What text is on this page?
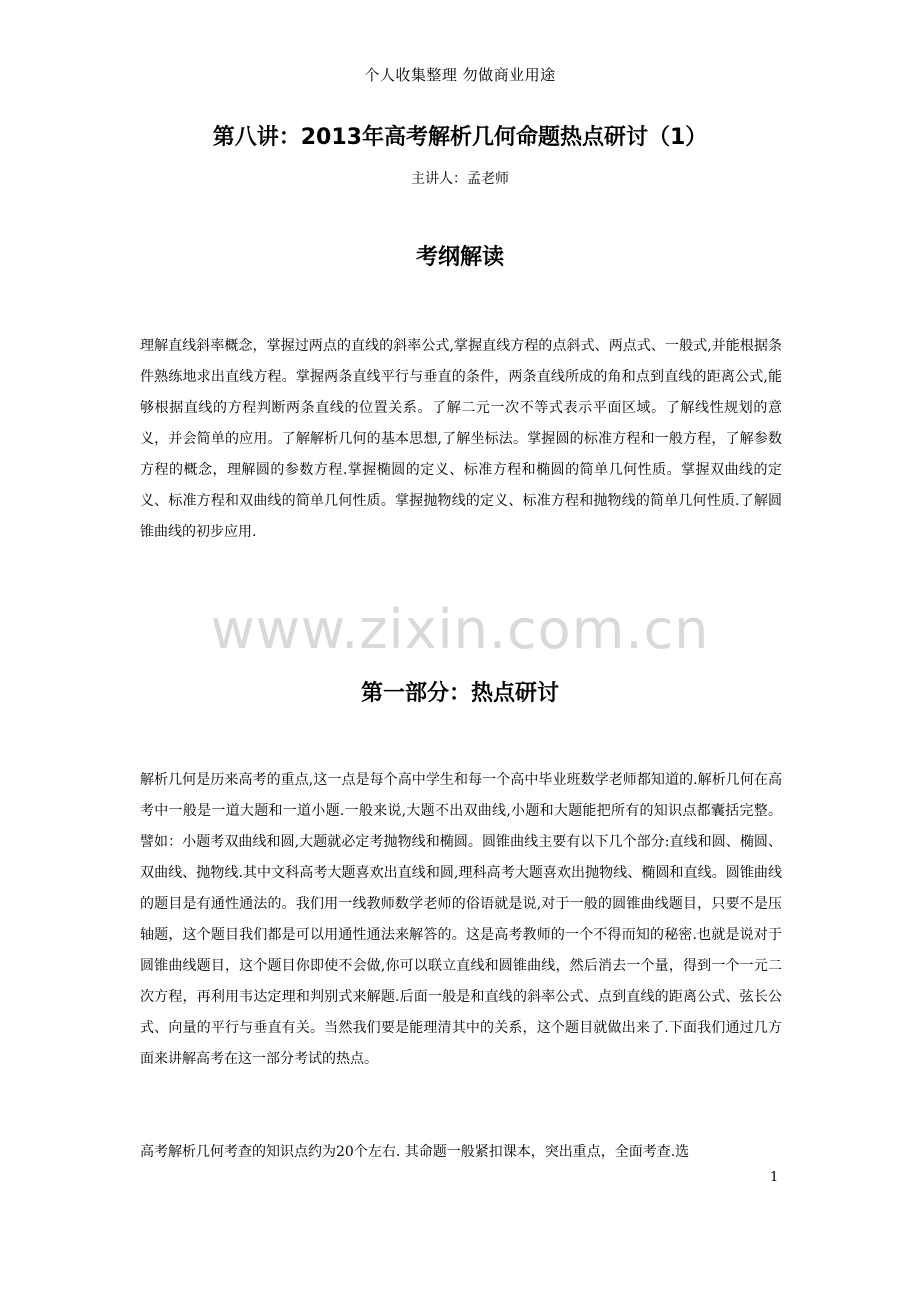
个人收集整理 勿做商业用途
第八讲：2013年高考解析几何命题热点研讨（1）
主讲人：孟老师
考纲解读

理解直线斜率概念，掌握过两点的直线的斜率公式,掌握直线方程的点斜式、两点式、一般式,并能根据条件熟练地求出直线方程。掌握两条直线平行与垂直的条件，两条直线所成的角和点到直线的距离公式,能够根据直线的方程判断两条直线的位置关系。了解二元一次不等式表示平面区域。了解线性规划的意义，并会简单的应用。了解解析几何的基本思想,了解坐标法。掌握圆的标准方程和一般方程，了解参数方程的概念，理解圆的参数方程.掌握椭圆的定义、标准方程和椭圆的简单几何性质。掌握双曲线的定义、标准方程和双曲线的简单几何性质。掌握抛物线的定义、标准方程和抛物线的简单几何性质.了解圆锥曲线的初步应用.

www.zixin.com.cn
第一部分：热点研讨

解析几何是历来高考的重点,这一点是每个高中学生和每一个高中毕业班数学老师都知道的.解析几何在高考中一般是一道大题和一道小题.一般来说,大题不出双曲线,小题和大题能把所有的知识点都囊括完整。譬如：小题考双曲线和圆,大题就必定考抛物线和椭圆。圆锥曲线主要有以下几个部分:直线和圆、椭圆、双曲线、抛物线.其中文科高考大题喜欢出直线和圆,理科高考大题喜欢出抛物线、椭圆和直线。圆锥曲线的题目是有通性通法的。我们用一线教师数学老师的俗语就是说,对于一般的圆锥曲线题目，只要不是压轴题，这个题目我们都是可以用通性通法来解答的。这是高考教师的一个不得而知的秘密.也就是说对于圆锥曲线题目，这个题目你即使不会做,你可以联立直线和圆锥曲线，然后消去一个量，得到一个一元二次方程，再利用韦达定理和判别式来解题.后面一般是和直线的斜率公式、点到直线的距离公式、弦长公式、向量的平行与垂直有关。当然我们要是能理清其中的关系，这个题目就做出来了.下面我们通过几方面来讲解高考在这一部分考试的热点。

高考解析几何考查的知识点约为20个左右. 其命题一般紧扣课本，突出重点，全面考查.选

1
